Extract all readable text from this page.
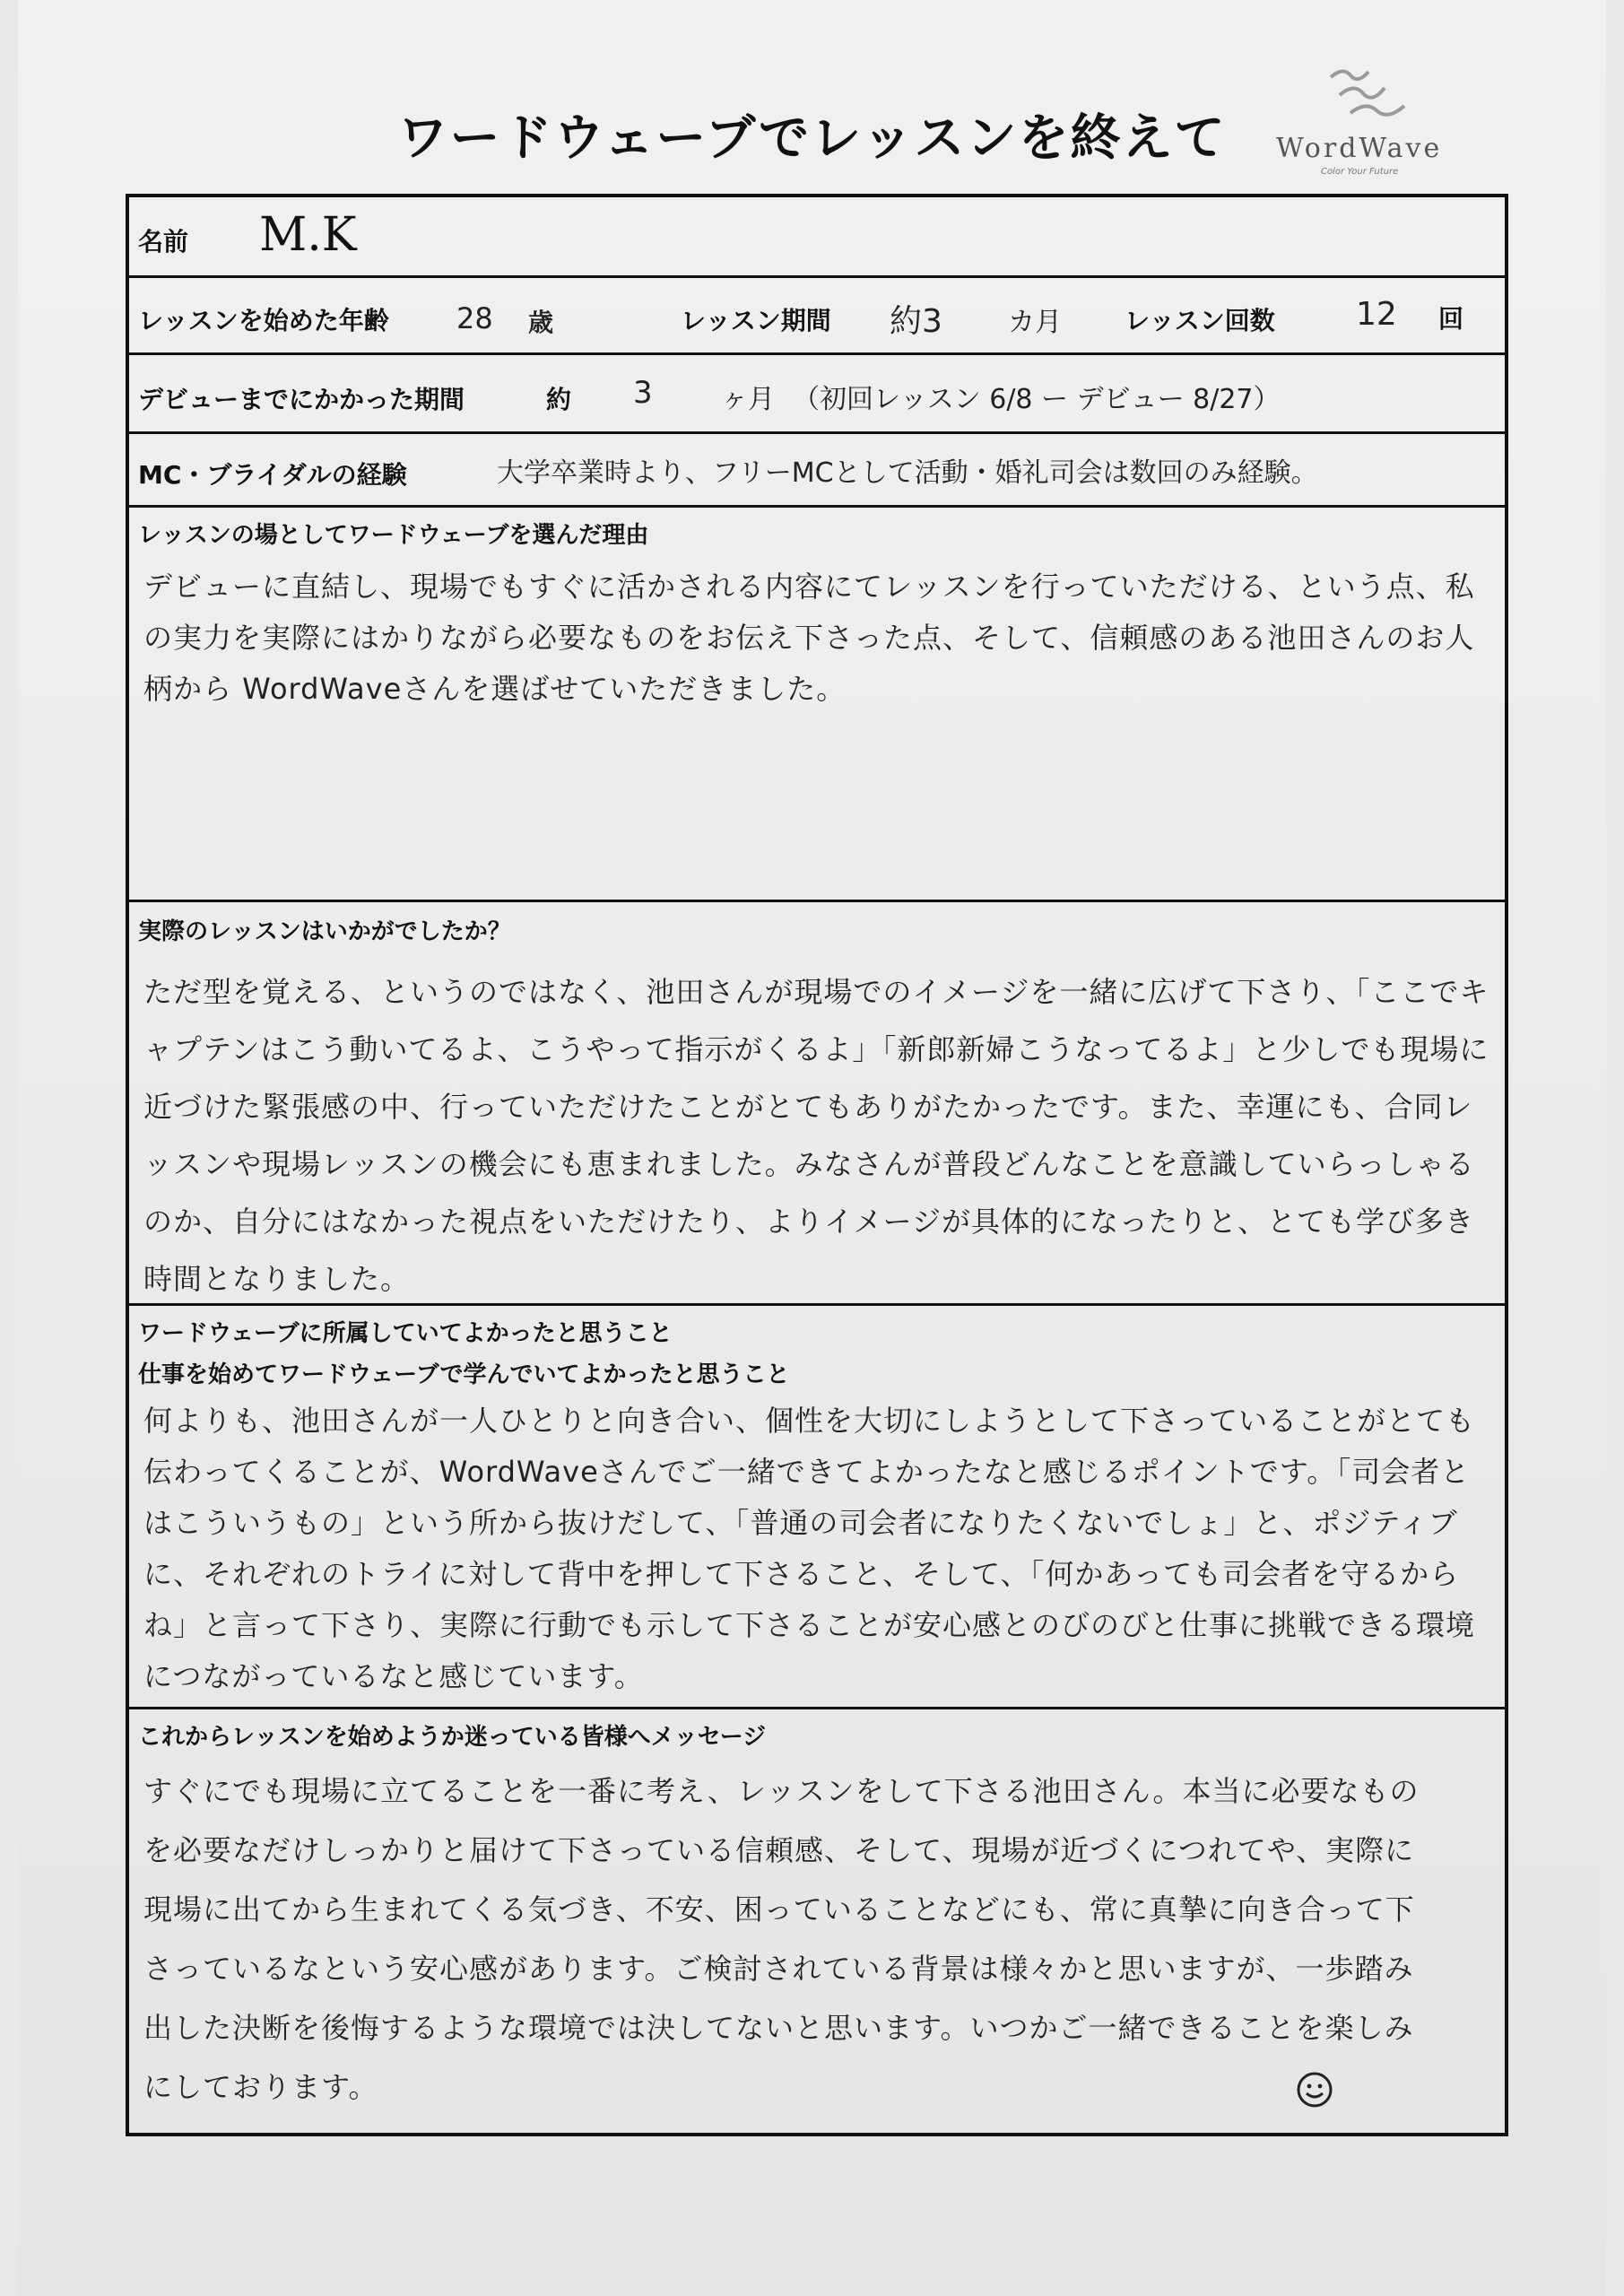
ワードウェーブでレッスンを終えて	WordWave
Color Your Future
名前 M.K
レッスンを始めた年齢 28 歳	レッスン期間 約3 カ月	レッスン回数	12 回
デビューまでにかかった期間	約 3	ヶ月 （初回レッスン 6/8 ー デビュー 8/27）
MC・ブライダルの経験	大学卒業時より、フリーMCとして活動・婚礼司会は数回のみ経験。
レッスンの場としてワードウェーブを選んだ理由
デビューに直結し、現場でもすぐに活かされる内容にてレッスンを行っていただける、という点、私の実力を実際にはかりながら必要なものをお伝え下さった点、そして、信頼感のある池田さんのお人柄から WordWaveさんを選ばせていただきました。
実際のレッスンはいかがでしたか？
ただ型を覚える、というのではなく、池田さんが現場でのイメージを一緒に広げて下さり、「ここでキャプテンはこう動いてるよ、こうやって指示がくるよ」「新郎新婦こうなってるよ」と少しでも現場に近づけた緊張感の中、行っていただけたことがとてもありがたかったです。また、幸運にも、合同レッスンや現場レッスンの機会にも恵まれました。みなさんが普段どんなことを意識していらっしゃるのか、自分にはなかった視点をいただけたり、よりイメージが具体的になったりと、とても学び多き時間となりました。
ワードウェーブに所属していてよかったと思うこと
仕事を始めてワードウェーブで学んでいてよかったと思うこと
何よりも、池田さんが一人ひとりと向き合い、個性を大切にしようとして下さっていることがとても伝わってくることが、WordWaveさんでご一緒できてよかったなと感じるポイントです。「司会者とはこういうもの」という所から抜けだして、「普通の司会者になりたくないでしょ」と、ポジティブに、それぞれのトライに対して背中を押して下さること、そして、「何かあっても司会者を守るからね」と言って下さり、実際に行動でも示して下さることが安心感とのびのびと仕事に挑戦できる環境につながっているなと感じています。
これからレッスンを始めようか迷っている皆様へメッセージ
すぐにでも現場に立てることを一番に考え、レッスンをして下さる池田さん。本当に必要なものを必要なだけしっかりと届けて下さっている信頼感、そして、現場が近づくにつれてや、実際に現場に出てから生まれてくる気づき、不安、困っていることなどにも、常に真摯に向き合って下さっているなという安心感があります。ご検討されている背景は様々かと思いますが、一歩踏み出した決断を後悔するような環境では決してないと思います。いつかご一緒できることを楽しみにしております。
